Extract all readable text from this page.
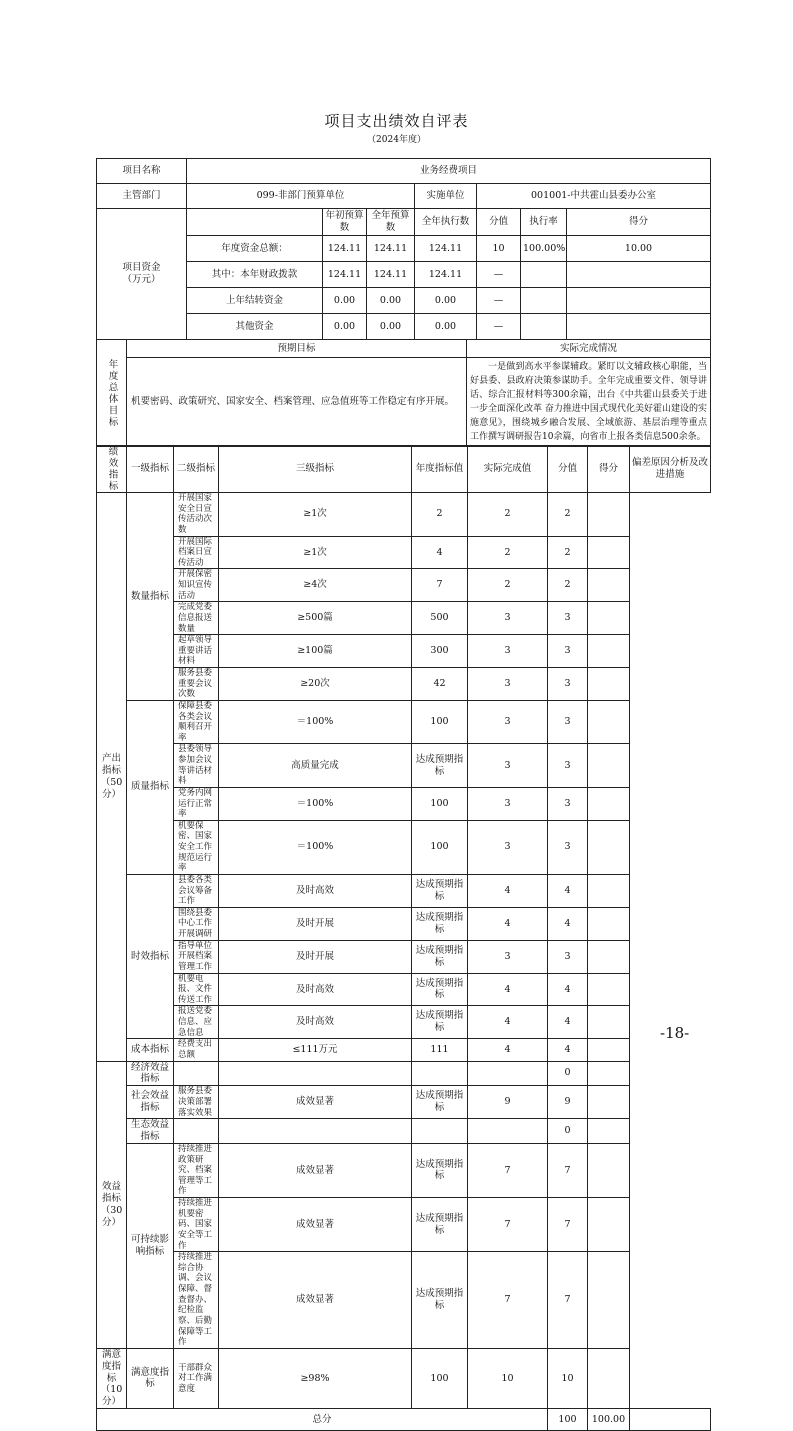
项目支出绩效自评表
（2024年度）
项目名称	业务经费项目						
主管部门	099-非部门预算单位			实施单位	001001-中共霍山县委办公室		
项目资金
（万元）		年初预算数	全年预算数	全年执行数	分值	执行率	得分
	年度资金总额：	124.11	124.11	124.11	10	100.00%	10.00
	其中：本年财政拨款	124.11	124.11	124.11	—		
	上年结转资金	0.00	0.00	0.00	—		
	其他资金	0.00	0.00	0.00	—		
年度总体目标	预期目标	实际完成情况
	机要密码、政策研究、国家安全、档案管理、应急值班等工作稳定有序开展。	一是做到高水平参谋辅政。紧盯以文辅政核心职能，当好县委、县政府决策参谋助手。全年完成重要文件、领导讲话、综合汇报材料等300余篇，出台《中共霍山县委关于进一步全面深化改革 奋力推进中国式现代化美好霍山建设的实施意见》，围绕城乡融合发展、全域旅游、基层治理等重点工作撰写调研报告10余篇，向省市上报各类信息500余条。
绩效指标	一级指标	二级指标	三级指标	年度指标值	实际完成值	分值	得分	偏差原因分析及改进措施
产出指标
（50分）	数量指标	开展国家安全日宣传活动次数	≥1次	2	2	2		
		开展国际档案日宣传活动	≥1次	4	2	2		
		开展保密知识宣传活动	≥4次	7	2	2		
		完成党委信息报送数量	≥500篇	500	3	3		
		起草领导重要讲话材料	≥100篇	300	3	3		
		服务县委重要会议次数	≥20次	42	3	3		
	质量指标	保障县委各类会议顺利召开率	＝100%	100	3	3		
		县委领导参加会议等讲话材料	高质量完成	达成预期指标	3	3		
		党务内网运行正常率	＝100%	100	3	3		
		机要保密、国家安全工作规范运行率	＝100%	100	3	3		
	时效指标	县委各类会议筹备工作	及时高效	达成预期指标	4	4		
		围绕县委中心工作开展调研	及时开展	达成预期指标	4	4		
		指导单位开展档案管理工作	及时开展	达成预期指标	3	3		
		机要电报、文件传送工作	及时高效	达成预期指标	4	4		
		报送党委信息、应急信息	及时高效	达成预期指标	4	4		
	成本指标	经费支出总额	≤111万元	111	4	4		
效益指标
（30分）	经济效益指标					0		
	社会效益指标	服务县委决策部署落实效果	成效显著	达成预期指标	9	9		
	生态效益指标					0		
	可持续影响指标	持续推进政策研究、档案管理等工作	成效显著	达成预期指标	7	7		
		持续推进机要密码、国家安全等工作	成效显著	达成预期指标	7	7		
		持续推进综合协调、会议保障、督查督办、纪检监察、后勤保障等工作	成效显著	达成预期指标	7	7		
满意度指标（10分）	满意度指标	干部群众对工作满意度	≥98%	100	10	10		
总分						100	100.00	
-18-
